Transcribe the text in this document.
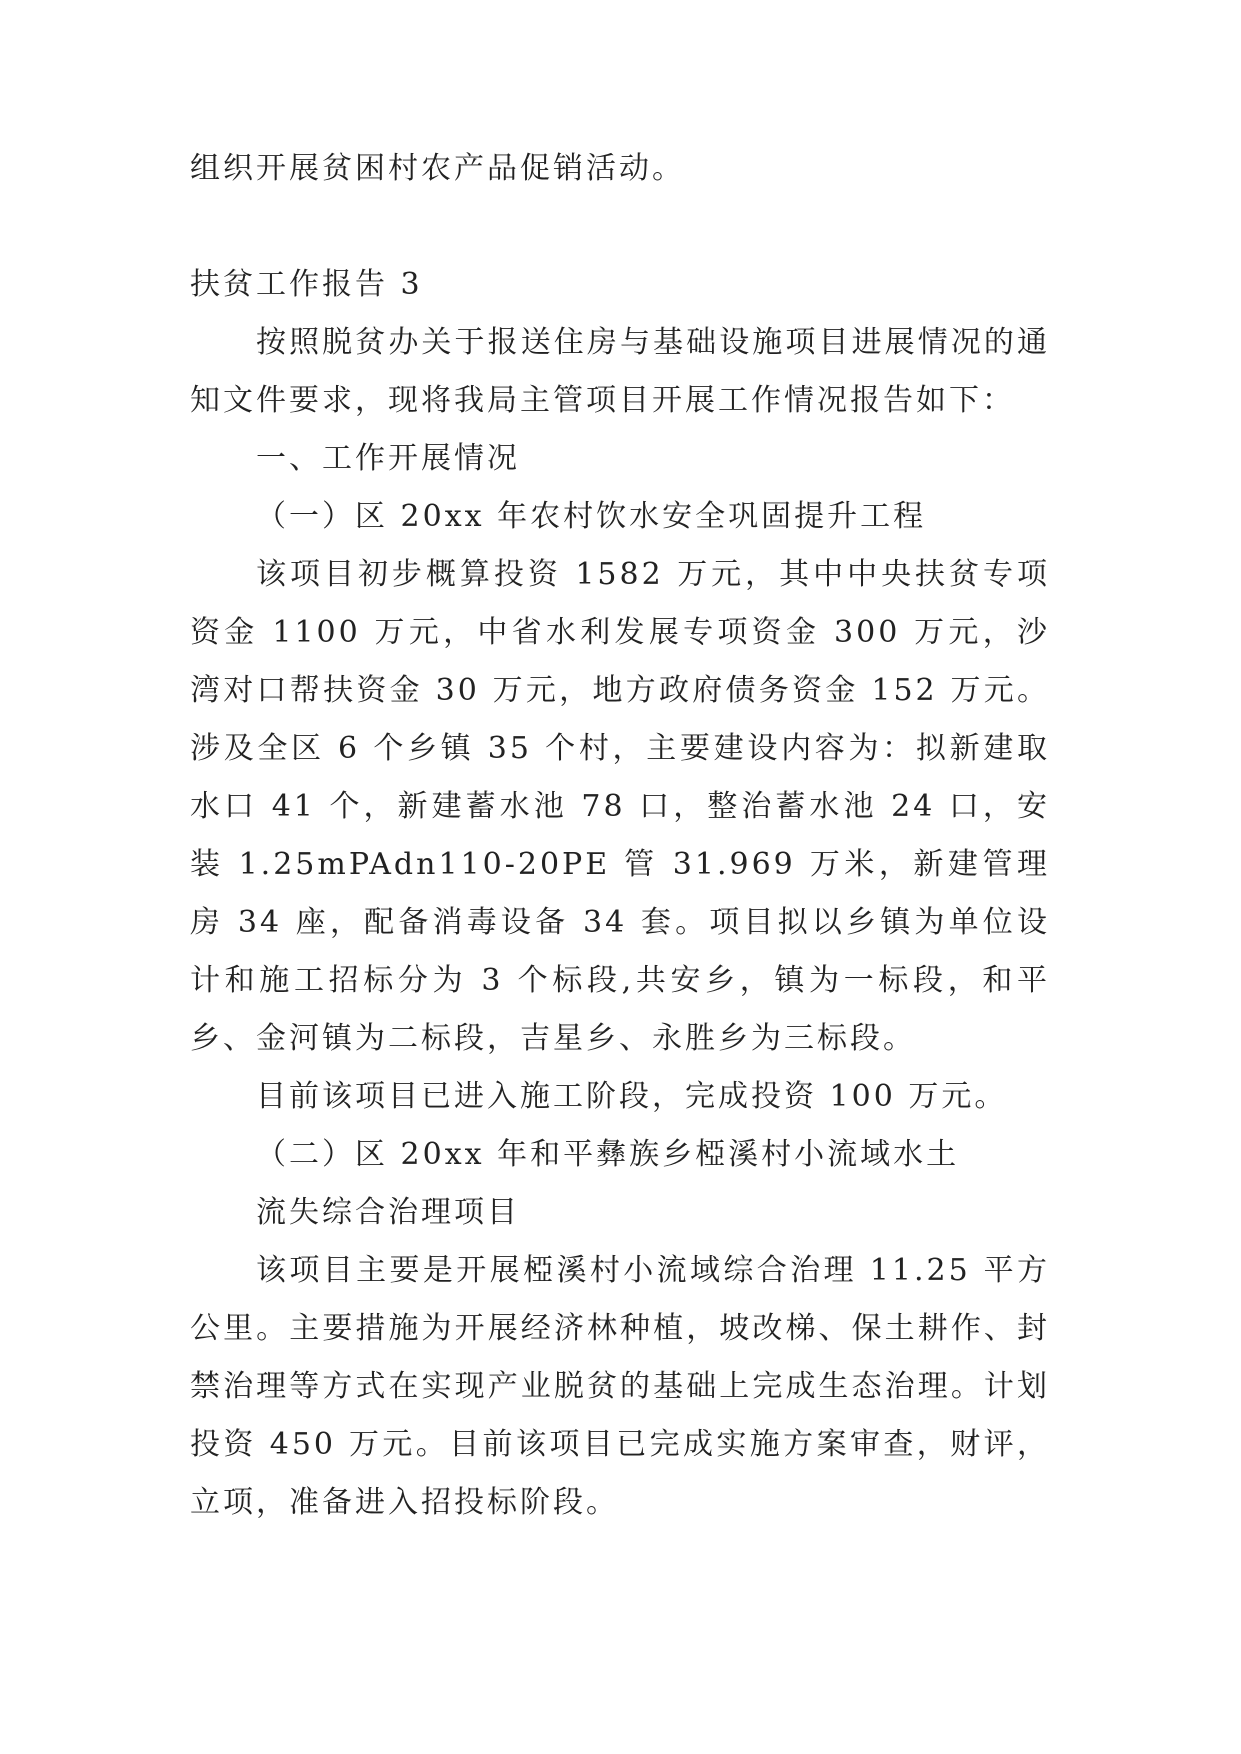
组织开展贫困村农产品促销活动。

扶贫工作报告 3

按照脱贫办关于报送住房与基础设施项目进展情况的通知文件要求，现将我局主管项目开展工作情况报告如下：

一、工作开展情况

（一）区 20xx 年农村饮水安全巩固提升工程

该项目初步概算投资 1582 万元，其中中央扶贫专项资金 1100 万元，中省水利发展专项资金 300 万元，沙湾对口帮扶资金 30 万元，地方政府债务资金 152 万元。涉及全区 6 个乡镇 35 个村，主要建设内容为：拟新建取水口 41 个，新建蓄水池 78 口，整治蓄水池 24 口，安装 1.25mPAdn110-20PE 管 31.969 万米，新建管理房 34 座，配备消毒设备 34 套。项目拟以乡镇为单位设计和施工招标分为 3 个标段,共安乡，镇为一标段，和平乡、金河镇为二标段，吉星乡、永胜乡为三标段。

目前该项目已进入施工阶段，完成投资 100 万元。

（二）区 20xx 年和平彝族乡椏溪村小流域水土

流失综合治理项目

该项目主要是开展椏溪村小流域综合治理 11.25 平方公里。主要措施为开展经济林种植，坡改梯、保土耕作、封禁治理等方式在实现产业脱贫的基础上完成生态治理。计划投资 450 万元。目前该项目已完成实施方案审查，财评，立项，准备进入招投标阶段。
